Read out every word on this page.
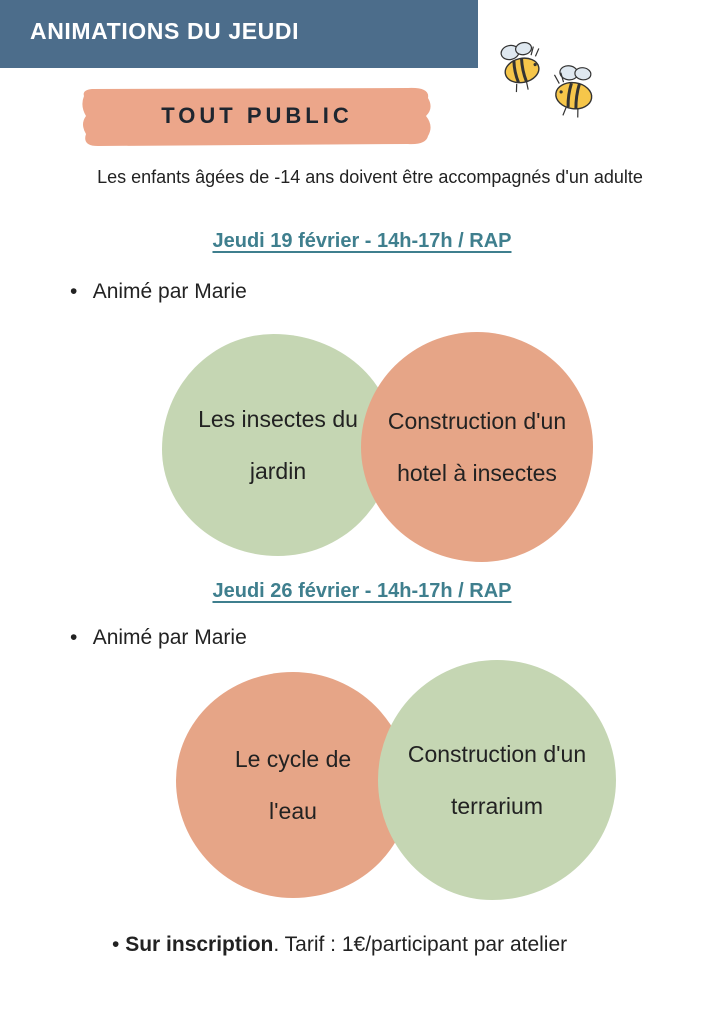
ANIMATIONS DU JEUDI
TOUT PUBLIC
Les enfants âgées de -14 ans doivent être accompagnés d'un adulte
Jeudi 19 février - 14h-17h / RAP
• Animé par Marie
Les insectes du jardin
Construction d'un hotel à insectes
Jeudi 26 février - 14h-17h / RAP
• Animé par Marie
Le cycle de l'eau
Construction d'un terrarium
• Sur inscription. Tarif : 1€/participant par atelier
